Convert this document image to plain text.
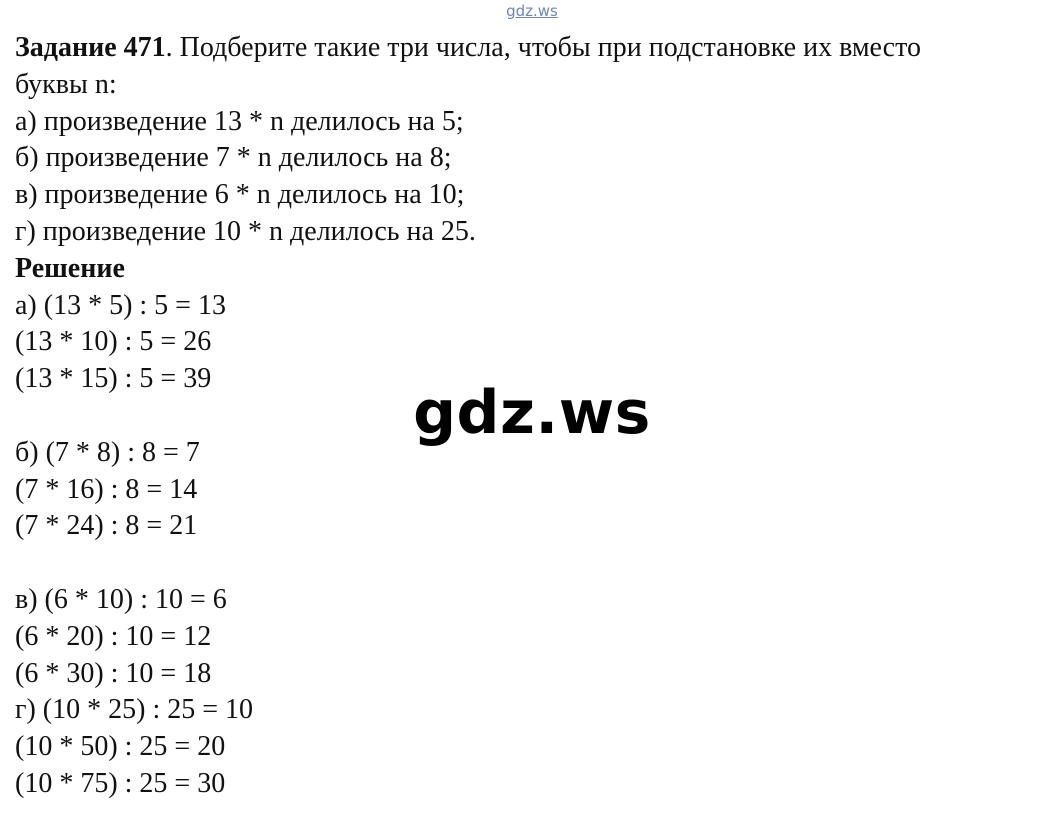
gdz.ws
Задание 471. Подберите такие три числа, чтобы при подстановке их вместо
буквы n:
а) произведение 13 * n делилось на 5;
б) произведение 7 * n делилось на 8;
в) произведение 6 * n делилось на 10;
г) произведение 10 * n делилось на 25.
Решение
а) (13 * 5) : 5 = 13
(13 * 10) : 5 = 26
(13 * 15) : 5 = 39
б) (7 * 8) : 8 = 7
(7 * 16) : 8 = 14
(7 * 24) : 8 = 21
в) (6 * 10) : 10 = 6
(6 * 20) : 10 = 12
(6 * 30) : 10 = 18
г) (10 * 25) : 25 = 10
(10 * 50) : 25 = 20
(10 * 75) : 25 = 30
gdz.ws
